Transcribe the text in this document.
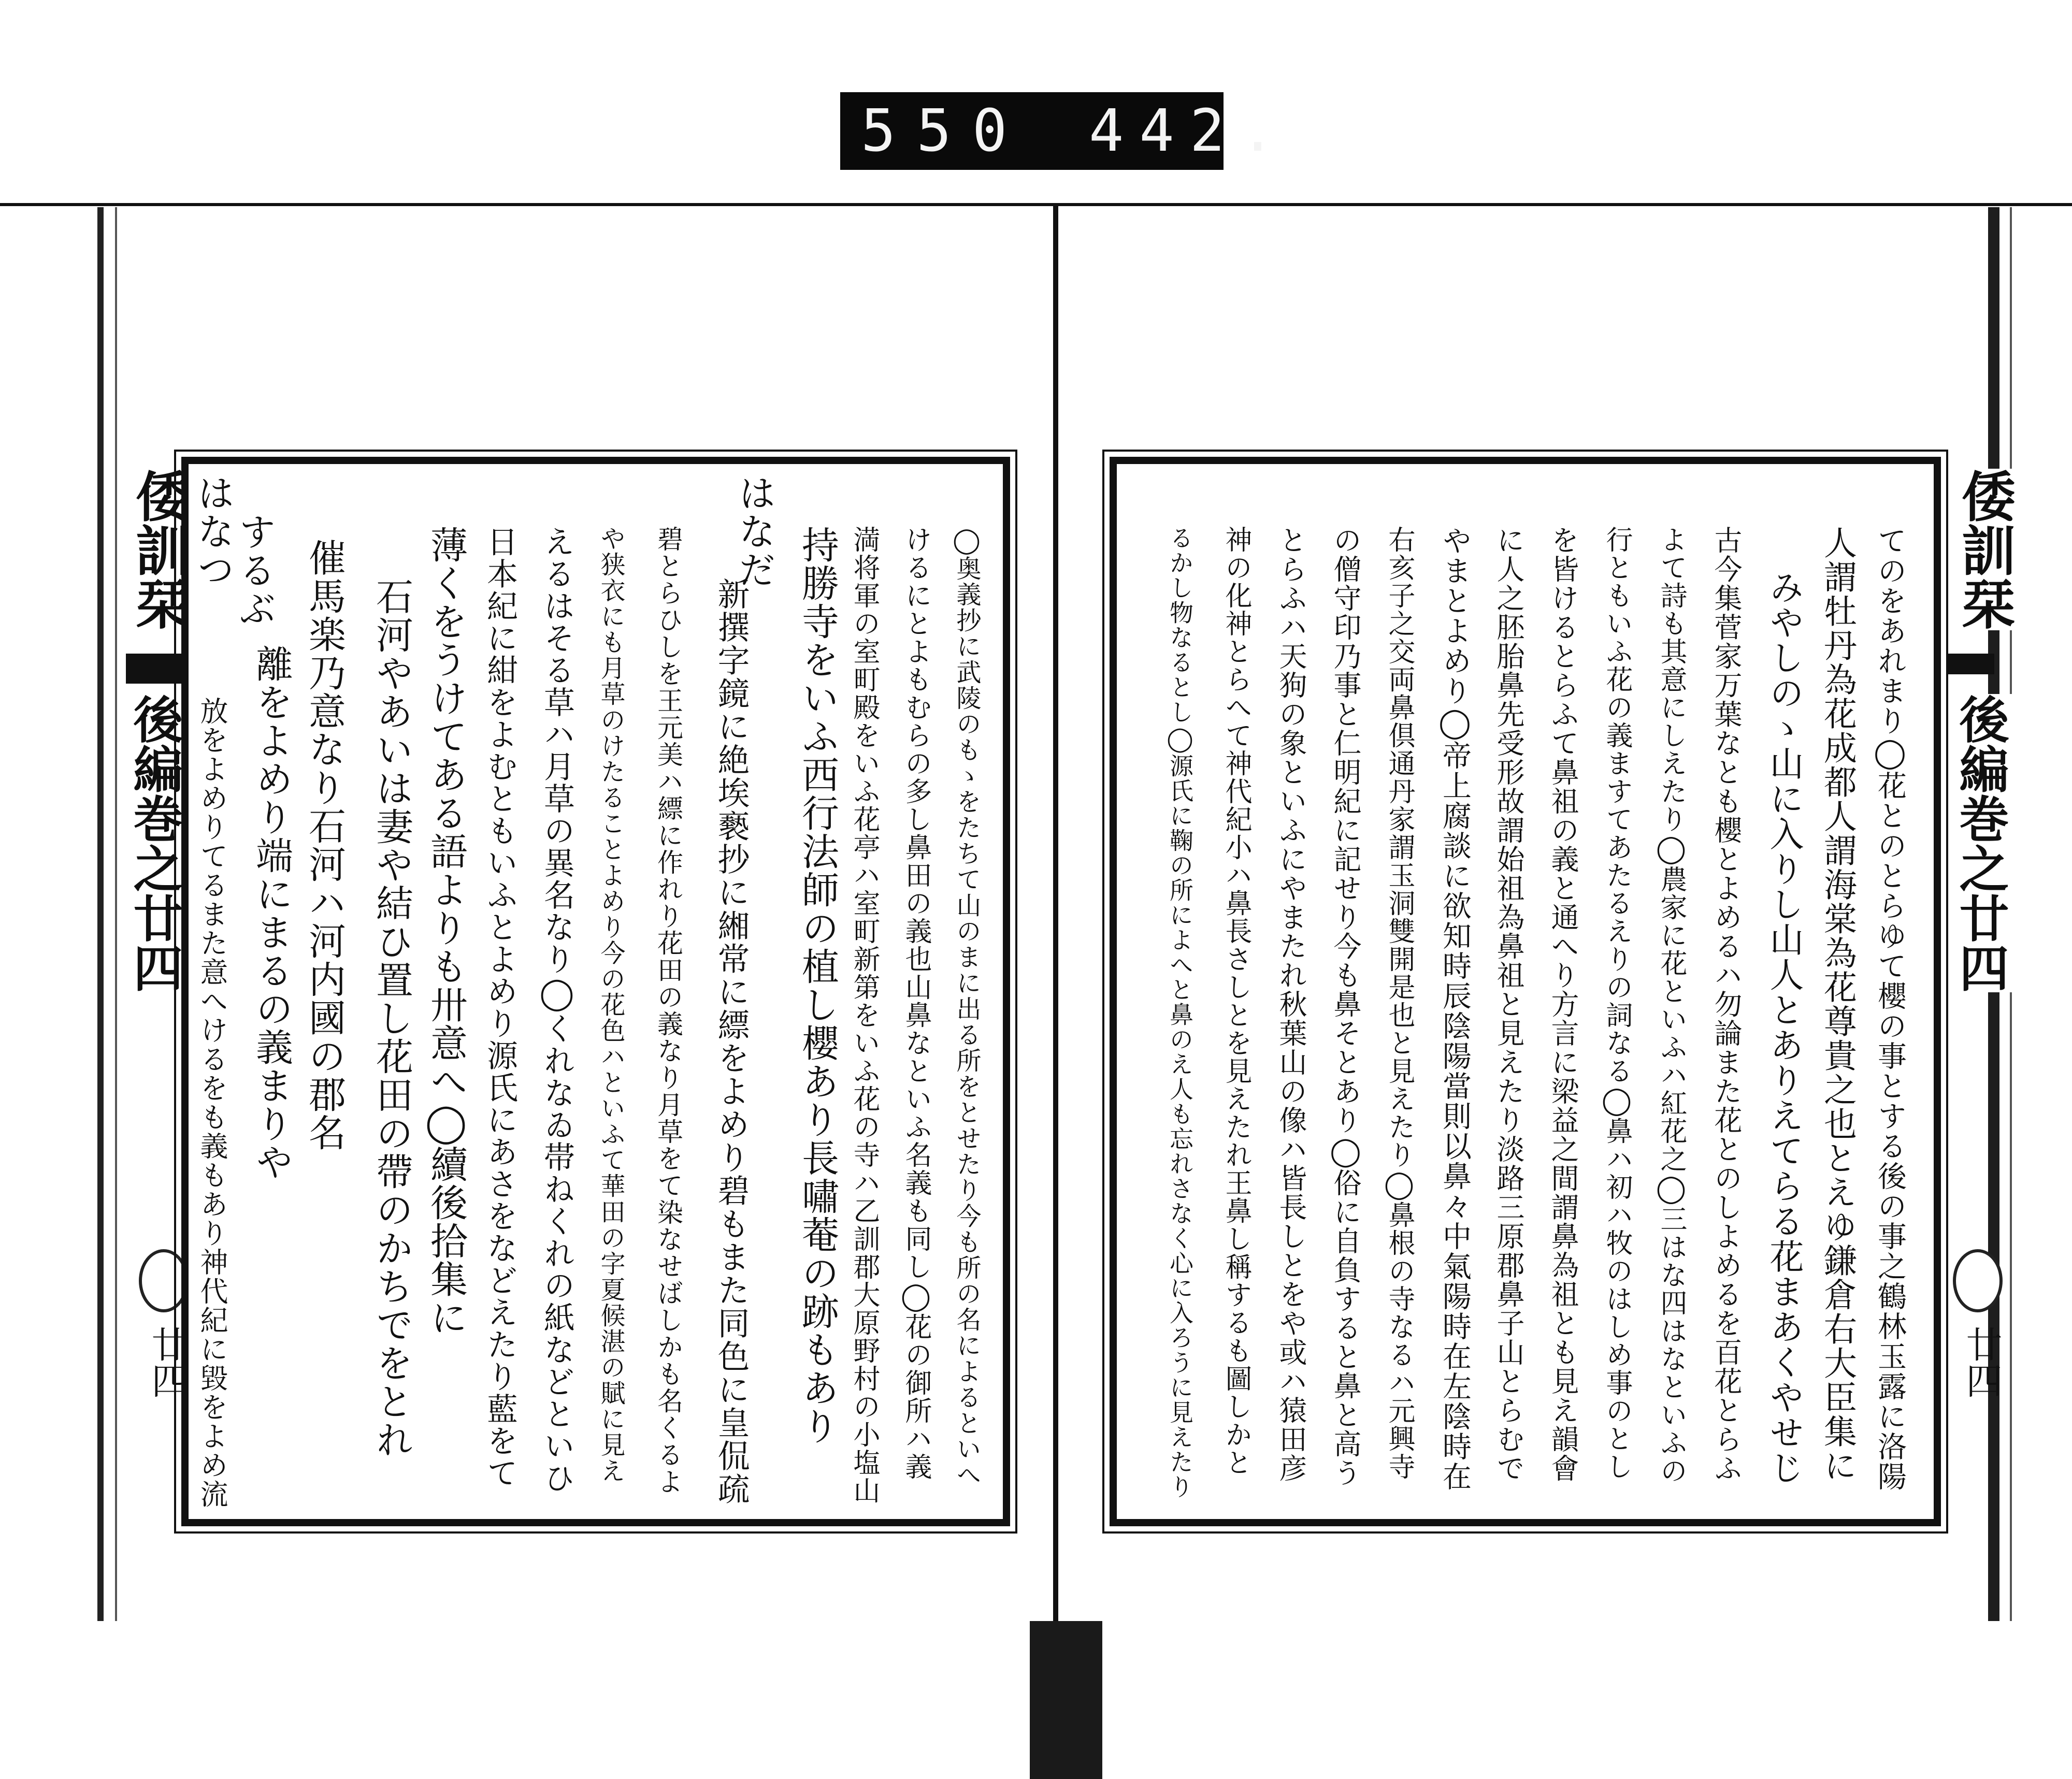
550 442.
倭訓栞
後編巻之廿四
廿四
倭訓栞
後編巻之廿四
廿四
◯奥義抄に武陵のもゝをたちて山のまに出る所をとせたり今も所の名によるといへ
けるにとよもむらの多し鼻田の義也山鼻なといふ名義も同し◯花の御所ハ義
満将軍の室町殿をいふ花亭ハ室町新第をいふ花の寺ハ乙訓郡大原野村の小塩山
持勝寺をいふ西行法師の植し櫻あり長嘯菴の跡もあり
はなだ
新撰字鏡に絶埃褻抄に緗常に縹をよめり碧もまた同色に皇侃疏
碧とらひしを王元美ハ縹に作れり花田の義なり月草をて染なせばしかも名くるよ
や狭衣にも月草のけたることよめり今の花色ハといふて華田の字夏候湛の賦に見え
えるはそる草ハ月草の異名なり◯くれなゐ帯ねくれの紙などといひ
日本紀に紺をよむともいふとよめり源氏にあさをなどえたり藍をて
薄くをうけてある語よりも卅意へ◯續後拾集に
石河やあいは妻や結ひ置し花田の帶のかちでをとれ
はなつ
催馬楽乃意なり石河ハ河内國の郡名
するぶ
離をよめり端にまるの義まりや
放をよめりてるまた意へけるをも義もあり神代紀に毀をよめ流	てのをあれまり◯花とのとらゆて櫻の事とする後の事之鶴林玉露に洛陽
人謂牡丹為花成都人謂海棠為花尊貴之也とえゆ鎌倉右大臣集に
みやしのゝ山に入りし山人とありえてらる花まあくやせじ
古今集菅家万葉なとも櫻とよめるハ勿論また花とのしよめるを百花とらふ
よて詩も其意にしえたり◯農家に花といふハ紅花之◯三はな四はなといふの
行ともいふ花の義ますてあたるえりの詞なる◯鼻ハ初ハ牧のはしめ事のとし
を皆けるとらふて鼻祖の義と通へり方言に梁益之間謂鼻為祖とも見え韻會
に人之胚胎鼻先受形故謂始祖為鼻祖と見えたり淡路三原郡鼻子山とらむで
やまとよめり◯帝上腐談に欲知時辰陰陽當則以鼻々中氣陽時在左陰時在
右亥子之交両鼻倶通丹家謂玉洞雙開是也と見えたり◯鼻根の寺なるハ元興寺
の僧守印乃事と仁明紀に記せり今も鼻そとあり◯俗に自負すると鼻と高う
とらふハ天狗の象といふにやまたれ秋葉山の像ハ皆長しとをや或ハ猿田彦
神の化神とらへて神代紀小ハ鼻長さしとを見えたれ王鼻し稱するも圖しかと
るかし物なるとし◯源氏に鞠の所によへと鼻のえ人も忘れさなく心に入ろうに見えたり
